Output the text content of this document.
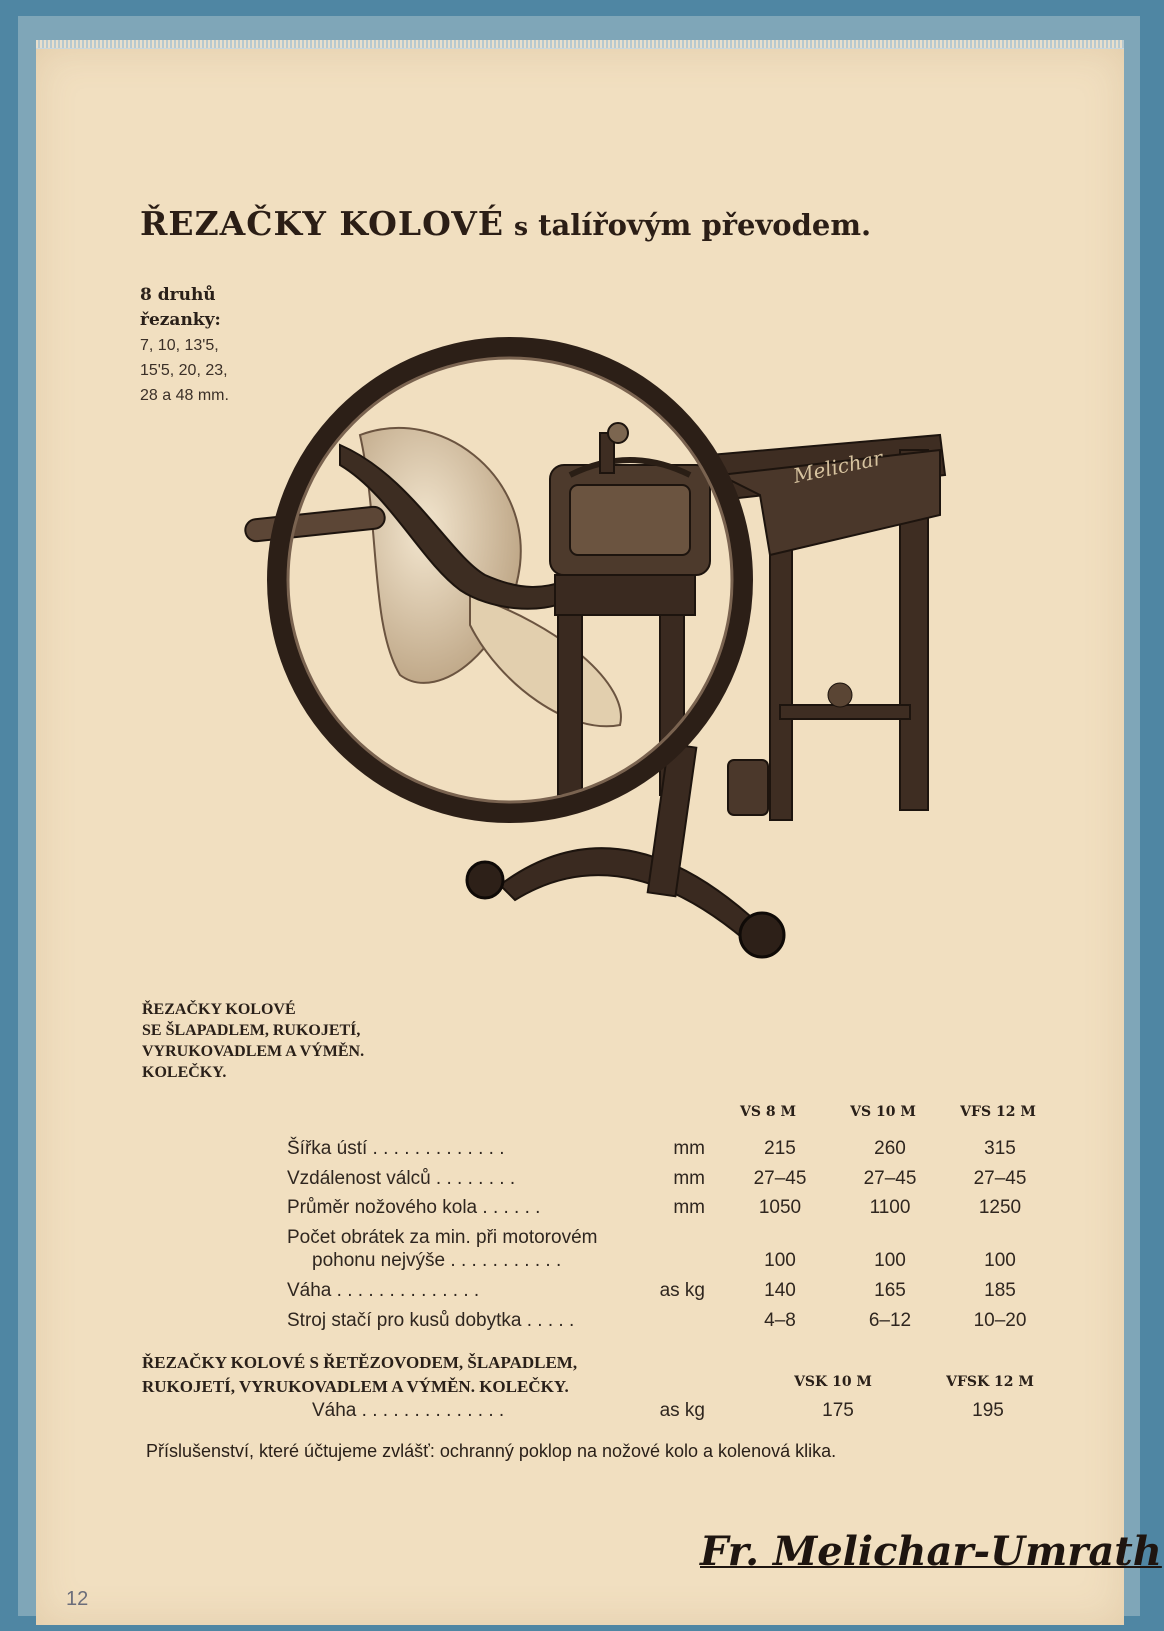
ŘEZAČKY KOLOVÉ s talířovým převodem.
8 druhů
řezanky:
7, 10, 13'5,
15'5, 20, 23,
28 a 48 mm.
Melichar
ŘEZAČKY KOLOVÉ
SE ŠLAPADLEM, RUKOJETÍ,
VYRUKOVADLEM A VÝMĚN.
KOLEČKY.
VS 8 M	VS 10 M	VFS 12 M
Šířka ústí . . . . . . . . . . . . .	mm	215	260	315
Vzdálenost válců . . . . . . . .	mm	27–45	27–45	27–45
Průměr nožového kola . . . . . .	mm	1050	1100	1250
Počet obrátek za min. při motorovém
pohonu nejvýše . . . . . . . . . . .	100	100	100
Váha . . . . . . . . . . . . . .	as kg	140	165	185
Stroj stačí pro kusů dobytka . . . . .	4–8	6–12	10–20
ŘEZAČKY KOLOVÉ S ŘETĚZOVODEM, ŠLAPADLEM,
RUKOJETÍ, VYRUKOVADLEM A VÝMĚN. KOLEČKY.	VSK 10 M	VFSK 12 M
Váha . . . . . . . . . . . . . .	as kg	175	195
Příslušenství, které účtujeme zvlášť: ochranný poklop na nožové kolo a kolenová klika.
Fr. Melichar-Umrath
12
